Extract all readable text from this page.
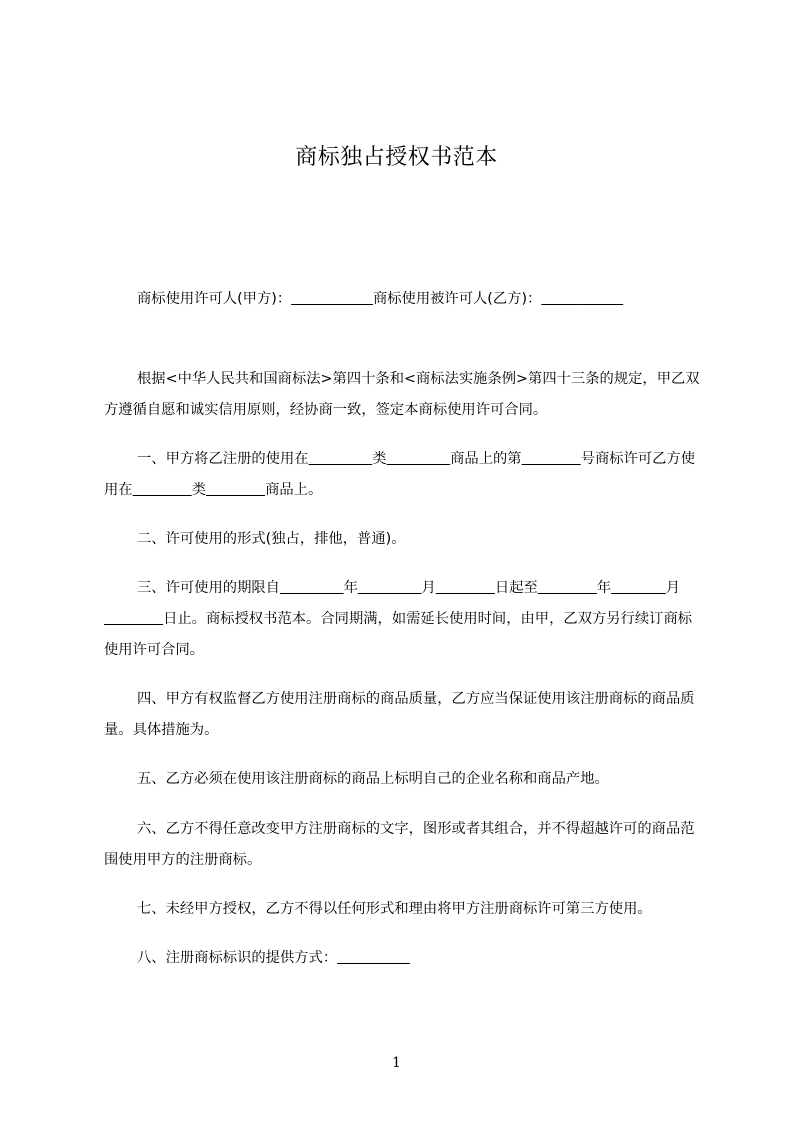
商标独占授权书范本

商标使用许可人(甲方)：	商标使用被许可人(乙方)：

根据<中华人民共和国商标法>第四十条和<商标法实施条例>第四十三条的规定，甲乙双方遵循自愿和诚实信用原则，经协商一致，签定本商标使用许可合同。

一、甲方将乙注册的使用在	类	商品上的第	号商标许可乙方使用在	类	商品上。

二、许可使用的形式(独占，排他，普通)。

三、许可使用的期限自	年	月	日起至	年	月             日止。商标授权书范本。合同期满，如需延长使用时间，由甲，乙双方另行续订商标使用许可合同。

四、甲方有权监督乙方使用注册商标的商品质量，乙方应当保证使用该注册商标的商品质量。具体措施为。

五、乙方必须在使用该注册商标的商品上标明自己的企业名称和商品产地。

六、乙方不得任意改变甲方注册商标的文字，图形或者其组合，并不得超越许可的商品范围使用甲方的注册商标。

七、未经甲方授权，乙方不得以任何形式和理由将甲方注册商标许可第三方使用。

八、注册商标标识的提供方式：

1
